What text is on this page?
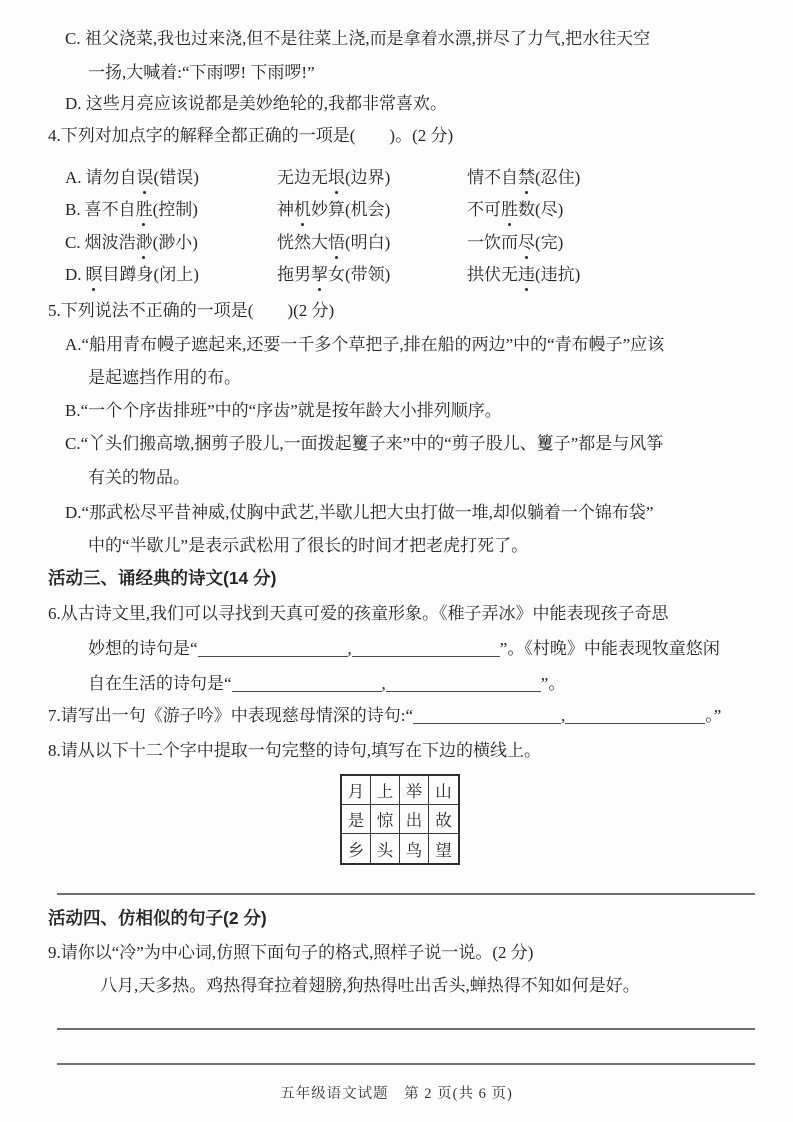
C. 祖父浇菜,我也过来浇,但不是往菜上浇,而是拿着水漂,拼尽了力气,把水往天空
一扬,大喊着:“下雨啰! 下雨啰!”
D. 这些月亮应该说都是美妙绝轮的,我都非常喜欢。
4.下列对加点字的解释全都正确的一项是(　　)。(2 分)
A. 请勿自误(错误)	无边无垠(边界)	情不自禁(忍住)
B. 喜不自胜(控制)	神机妙算(机会)	不可胜数(尽)
C. 烟波浩渺(渺小)	恍然大悟(明白)	一饮而尽(完)
D. 瞑目蹲身(闭上)	拖男挈女(带领)	拱伏无违(违抗)
5.下列说法不正确的一项是(　　)(2 分)
A.“船用青布幔子遮起来,还要一千多个草把子,排在船的两边”中的“青布幔子”应该
是起遮挡作用的布。
B.“一个个序齿排班”中的“序齿”就是按年龄大小排列顺序。
C.“丫头们搬高墩,捆剪子股儿,一面拨起籰子来”中的“剪子股儿、籰子”都是与风筝
有关的物品。
D.“那武松尽平昔神威,仗胸中武艺,半歇儿把大虫打做一堆,却似躺着一个锦布袋”
中的“半歇儿”是表示武松用了很长的时间才把老虎打死了。
活动三、诵经典的诗文(14 分)
6.从古诗文里,我们可以寻找到天真可爱的孩童形象。《稚子弄冰》中能表现孩子奇思
妙想的诗句是“	,	”。《村晚》中能表现牧童悠闲
自在生活的诗句是“	,	”。
7.请写出一句《游子吟》中表现慈母情深的诗句:“	,	。”
8.请从以下十二个字中提取一句完整的诗句,填写在下边的横线上。
月 上 举 山
是 惊 出 故
乡 头 鸟 望
活动四、仿相似的句子(2 分)
9.请你以“冷”为中心词,仿照下面句子的格式,照样子说一说。(2 分)
八月,天多热。鸡热得耷拉着翅膀,狗热得吐出舌头,蝉热得不知如何是好。
五年级语文试题　第 2 页(共 6 页)
